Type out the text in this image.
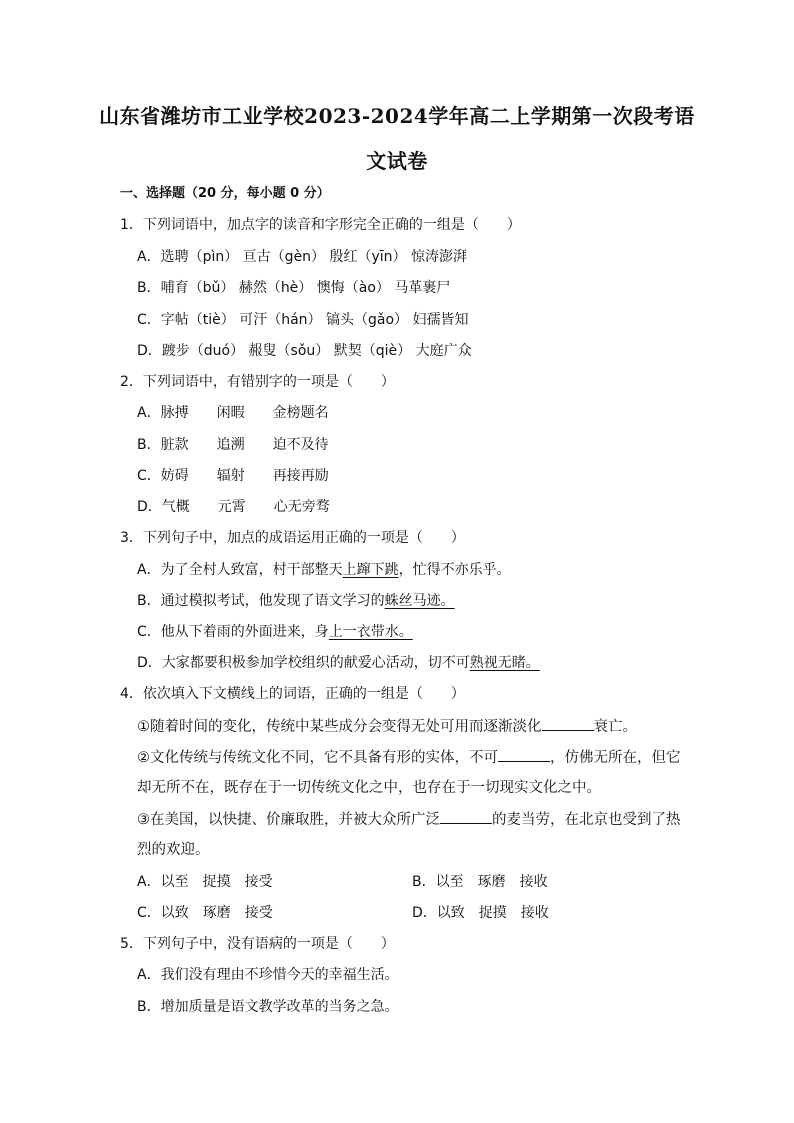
山东省潍坊市工业学校2023-2024学年高二上学期第一次段考语
文试卷
一、选择题（20 分，每小题 0 分）
1．下列词语中，加点字的读音和字形完全正确的一组是（　　）
A．选聘（pìn） 亘古（gèn） 殷红（yīn） 惊涛澎湃
B．哺育（bǔ） 赫然（hè） 懊悔（ào） 马革裹尸
C．字帖（tiè） 可汗（hán） 镐头（gǎo） 妇孺皆知
D．踱步（duó） 赧叟（sǒu） 默契（qiè） 大庭广众
2．下列词语中，有错别字的一项是（　　）
A．脉搏　　闲暇　　金榜题名
B．脏款　　追溯　　迫不及待
C．妨碍　　辐射　　再接再励
D．气概　　元霄　　心无旁骛
3．下列句子中，加点的成语运用正确的一项是（　　）
A．为了全村人致富，村干部整天上蹿下跳，忙得不亦乐乎。
B．通过模拟考试，他发现了语文学习的蛛丝马迹。
C．他从下着雨的外面进来，身上一衣带水。
D．大家都要积极参加学校组织的献爱心活动，切不可熟视无睹。
4．依次填入下文横线上的词语，正确的一组是（　　）
①随着时间的变化，传统中某些成分会变得无处可用而逐渐淡化	衰亡。
②文化传统与传统文化不同，它不具备有形的实体，不可	，仿佛无所在，但它
却无所不在，既存在于一切传统文化之中，也存在于一切现实文化之中。
③在美国，以快捷、价廉取胜，并被大众所广泛	的麦当劳，在北京也受到了热
烈的欢迎。
A．以至　捉摸　接受	B．以至　琢磨　接收
C．以致　琢磨　接受	D．以致　捉摸　接收
5．下列句子中，没有语病的一项是（　　）
A．我们没有理由不珍惜今天的幸福生活。
B．增加质量是语文教学改革的当务之急。
